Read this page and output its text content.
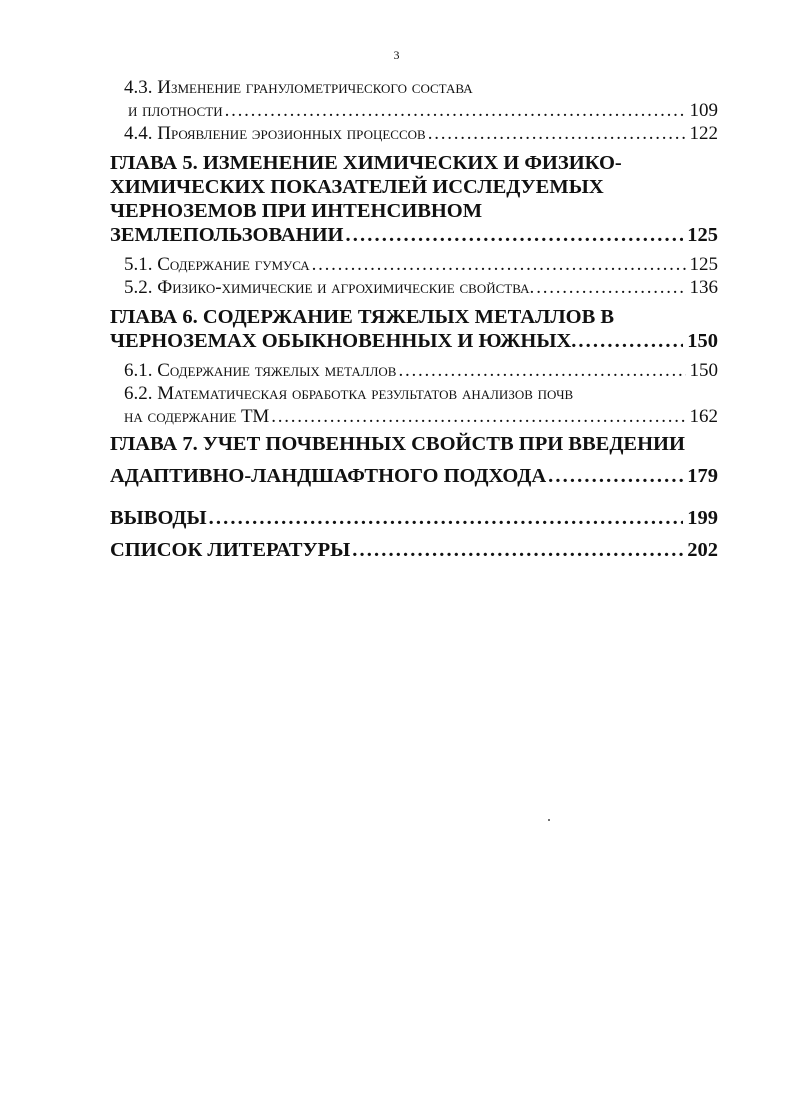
3
4.3. Изменение гранулометрического состава
и плотности . . .	109
4.4. Проявление эрозионных процессов . . .	122
ГЛАВА 5. ИЗМЕНЕНИЕ ХИМИЧЕСКИХ И ФИЗИКО-
ХИМИЧЕСКИХ ПОКАЗАТЕЛЕЙ ИССЛЕДУЕМЫХ
ЧЕРНОЗЕМОВ ПРИ ИНТЕНСИВНОМ
ЗЕМЛЕПОЛЬЗОВАНИИ . . .	125
5.1. Содержание гумуса . . .	125
5.2. Физико-химические и агрохимические свойства. . . .	136
ГЛАВА 6. СОДЕРЖАНИЕ ТЯЖЕЛЫХ МЕТАЛЛОВ В
ЧЕРНОЗЕМАХ ОБЫКНОВЕННЫХ И ЮЖНЫХ. . . .	150
6.1. Содержание тяжелых металлов . . .	150
6.2. Математическая обработка результатов анализов почв
на содержание ТМ . . .	162
ГЛАВА 7. УЧЕТ ПОЧВЕННЫХ СВОЙСТВ ПРИ ВВЕДЕНИИ
АДАПТИВНО-ЛАНДШАФТНОГО ПОДХОДА . . .	179
ВЫВОДЫ . . .	199
СПИСОК ЛИТЕРАТУРЫ . . .	202
